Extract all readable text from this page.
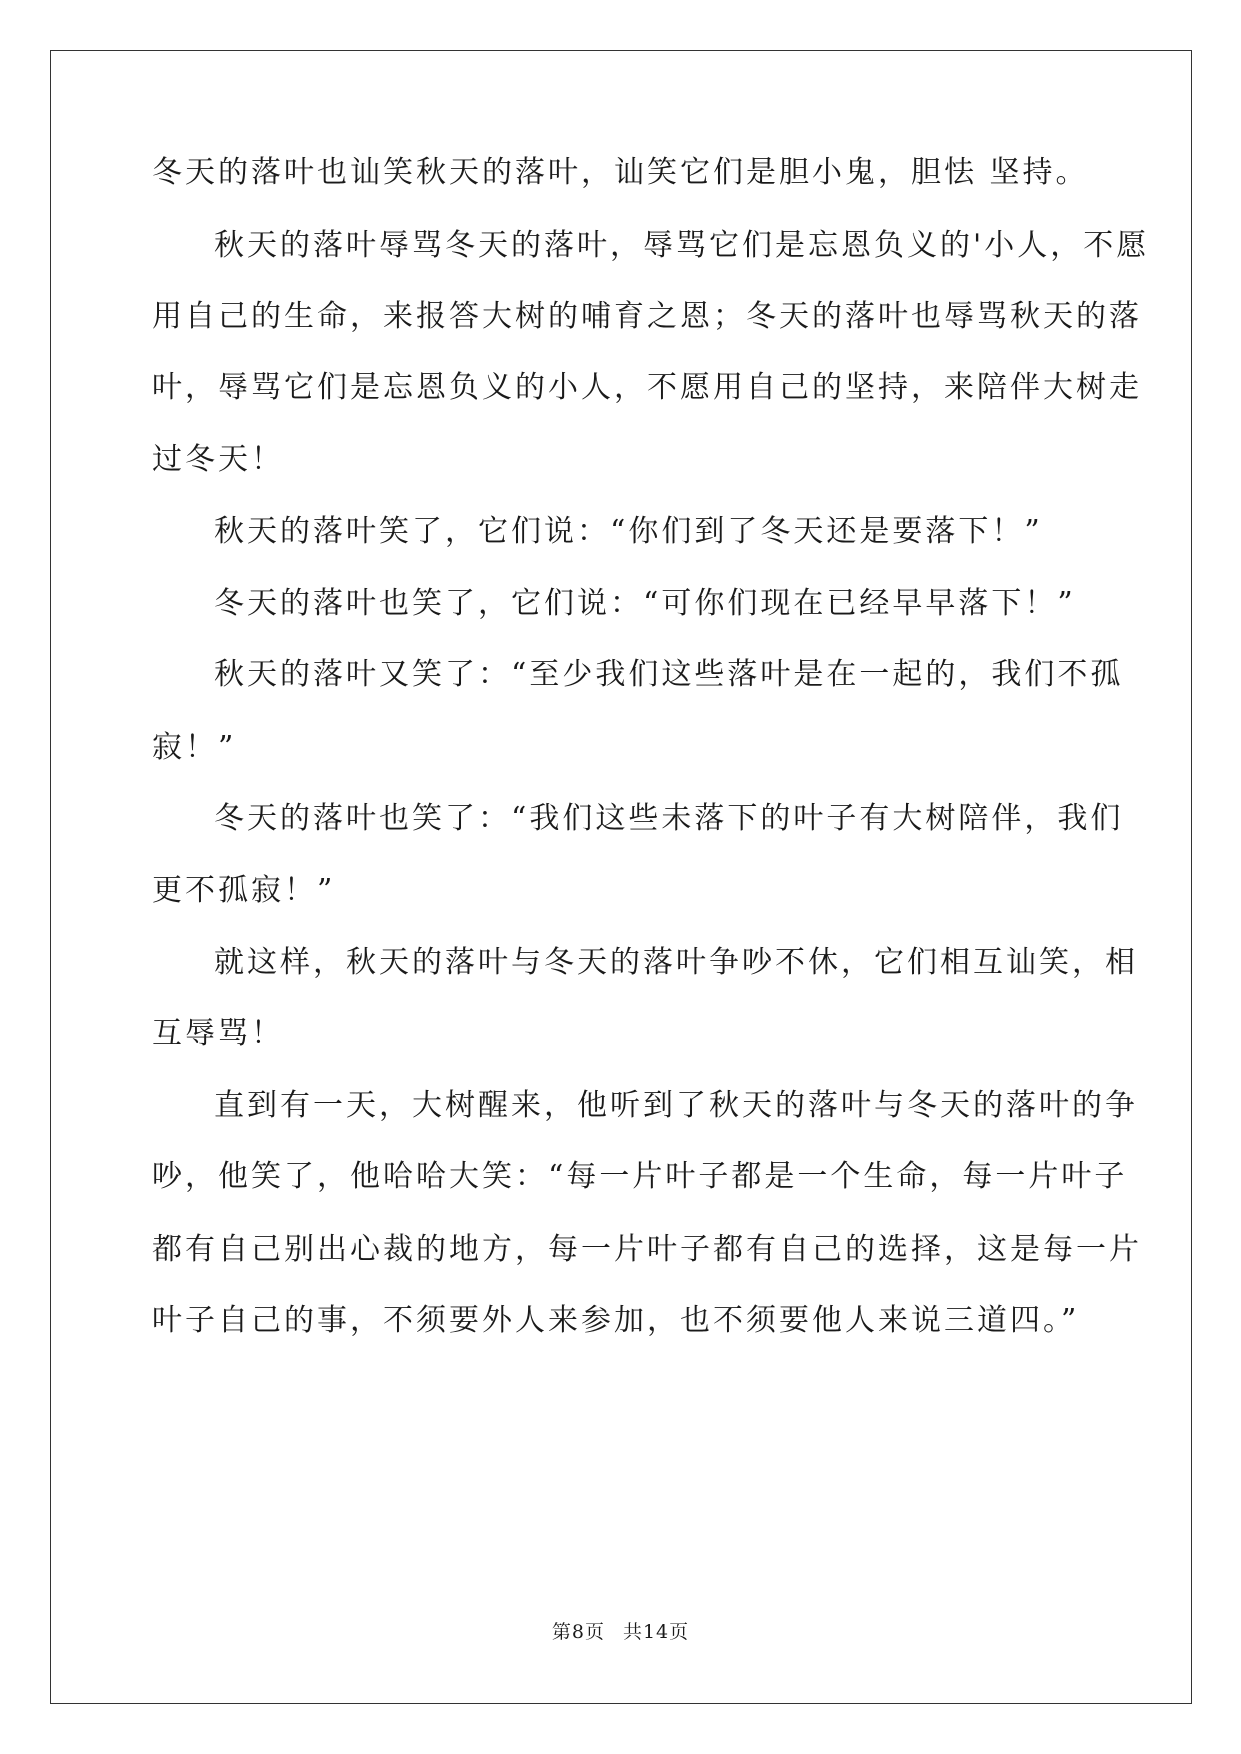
冬天的落叶也讪笑秋天的落叶，讪笑它们是胆小鬼，胆怯 坚持。
秋天的落叶辱骂冬天的落叶，辱骂它们是忘恩负义的'小人，不愿
用自己的生命，来报答大树的哺育之恩；冬天的落叶也辱骂秋天的落
叶，辱骂它们是忘恩负义的小人，不愿用自己的坚持，来陪伴大树走
过冬天！
秋天的落叶笑了，它们说：“你们到了冬天还是要落下！”
冬天的落叶也笑了，它们说：“可你们现在已经早早落下！”
秋天的落叶又笑了：“至少我们这些落叶是在一起的，我们不孤
寂！”
冬天的落叶也笑了：“我们这些未落下的叶子有大树陪伴，我们
更不孤寂！”
就这样，秋天的落叶与冬天的落叶争吵不休，它们相互讪笑，相
互辱骂！
直到有一天，大树醒来，他听到了秋天的落叶与冬天的落叶的争
吵，他笑了，他哈哈大笑：“每一片叶子都是一个生命，每一片叶子
都有自己别出心裁的地方，每一片叶子都有自己的选择，这是每一片
叶子自己的事，不须要外人来参加，也不须要他人来说三道四。”
第8页 共14页
